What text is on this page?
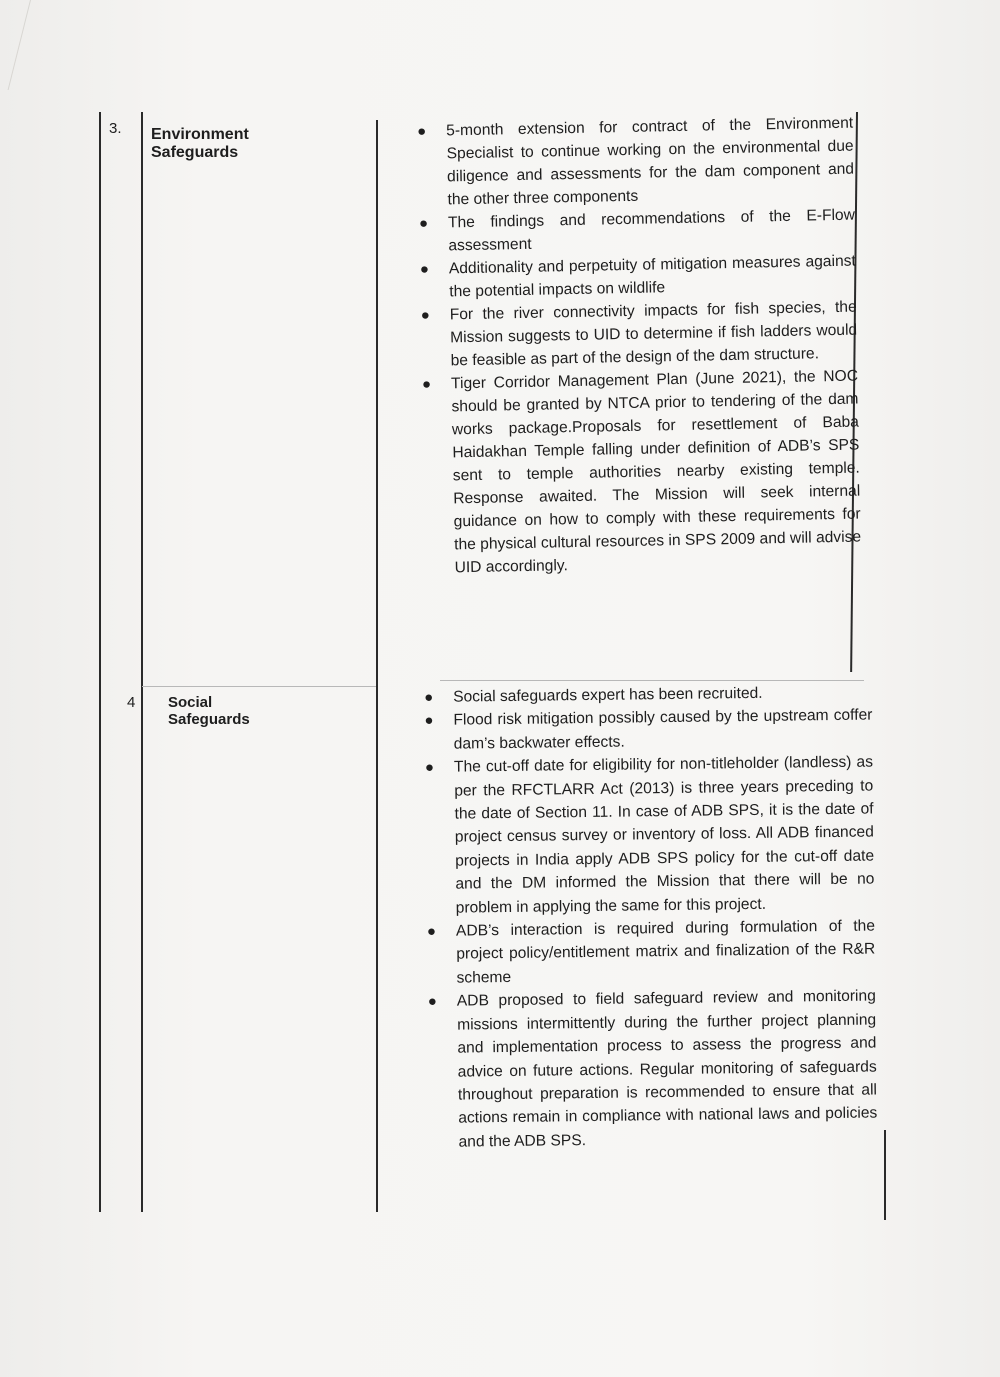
3. Environment Safeguards
● 5-month extension for contract of the Environment Specialist to continue working on the environmental due diligence and assessments for the dam component and the other three components
● The findings and recommendations of the E-Flow assessment
● Additionality and perpetuity of mitigation measures against the potential impacts on wildlife
● For the river connectivity impacts for fish species, the Mission suggests to UID to determine if fish ladders would be feasible as part of the design of the dam structure.
● Tiger Corridor Management Plan (June 2021), the NOC should be granted by NTCA prior to tendering of the dam works package.Proposals for resettlement of Baba Haidakhan Temple falling under definition of ADB’s SPS sent to temple authorities nearby existing temple. Response awaited. The Mission will seek internal guidance on how to comply with these requirements for the physical cultural resources in SPS 2009 and will advise UID accordingly.
4 Social Safeguards
● Social safeguards expert has been recruited.
● Flood risk mitigation possibly caused by the upstream coffer dam’s backwater effects.
● The cut-off date for eligibility for non-titleholder (landless) as per the RFCTLARR Act (2013) is three years preceding to the date of Section 11. In case of ADB SPS, it is the date of project census survey or inventory of loss. All ADB financed projects in India apply ADB SPS policy for the cut-off date and the DM informed the Mission that there will be no problem in applying the same for this project.
● ADB’s interaction is required during formulation of the project policy/entitlement matrix and finalization of the R&R scheme
● ADB proposed to field safeguard review and monitoring missions intermittently during the further project planning and implementation process to assess the progress and advice on future actions. Regular monitoring of safeguards throughout preparation is recommended to ensure that all actions remain in compliance with national laws and policies and the ADB SPS.
